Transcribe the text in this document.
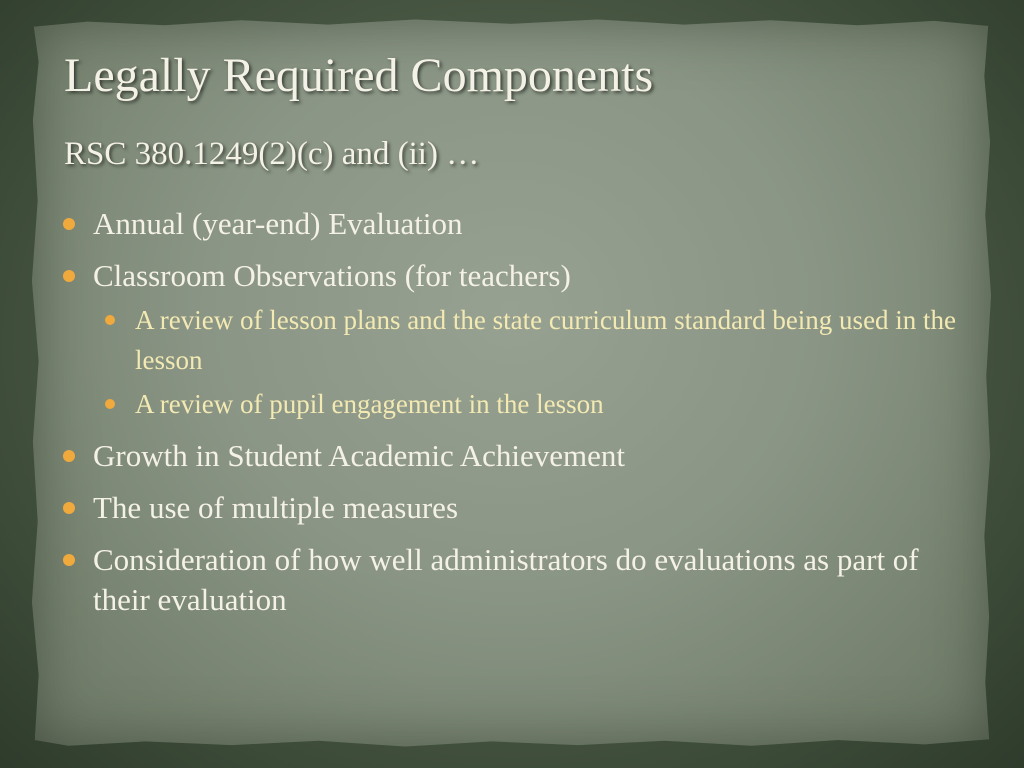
Legally Required Components
RSC 380.1249(2)(c) and (ii) …
Annual (year-end) Evaluation
Classroom Observations (for teachers)
A review of lesson plans and the state curriculum standard being used in the lesson
A review of pupil engagement in the lesson
Growth in Student Academic Achievement
The use of multiple measures
Consideration of how well administrators do evaluations as part of their evaluation
